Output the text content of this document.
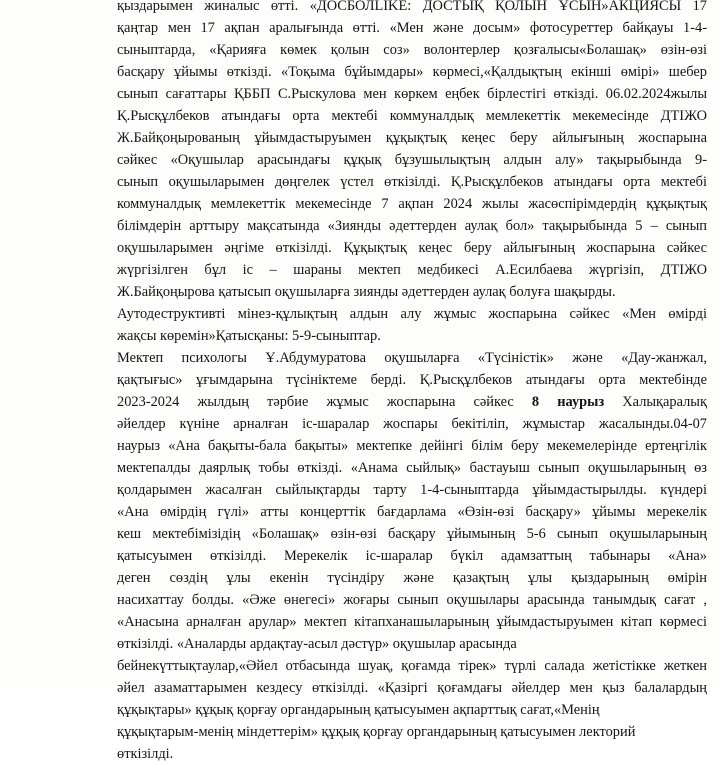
қыздарымен жиналыс өтті. «ДОСБОЛLIKE: ДОСТЫҚ ҚОЛЫН ҰСЫН»АКЦИЯСЫ 17
қаңтар мен 17 ақпан аралығында өтті. «Мен және досым» фотосуреттер байқауы 1-4-
сыныптарда, «Қарияға көмек қолын соз» волонтерлер қозғалысы«Болашақ» өзін-өзі
басқару ұйымы өткізді. «Тоқыма бұйымдары» көрмесі,«Қалдықтың екінші өмірі» шебер
сынып сағаттары ҚББП С.Рыскулова мен көркем еңбек бірлестігі өткізді. 06.02.2024жылы
Қ.Рысқұлбеков атындағы орта мектебі коммуналдық мемлекеттік мекемесінде ДТІЖО
Ж.Байқоңырованың ұйымдастыруымен құқықтық кеңес беру айлығының жоспарына
сәйкес «Оқушылар арасындағы құқық бұзушылықтың алдын алу» тақырыбында 9-
сынып оқушыларымен дөңгелек үстел өткізілді. Қ.Рысқұлбеков атындағы орта мектебі
коммуналдық мемлекеттік мекемесінде 7 ақпан 2024 жылы жасөспірімдердің құқықтық
білімдерін арттыру мақсатында «Зиянды әдеттерден аулақ бол» тақырыбында 5 – сынып
оқушыларымен әңгіме өткізілді. Құқықтық кеңес беру айлығының жоспарына сәйкес
жүргізілген бұл іс – шараны мектеп медбикесі А.Есилбаева жүргізіп, ДТІЖО
Ж.Байқоңырова қатысып оқушыларға зиянды әдеттерден аулақ болуға шақырды.
Аутодеструктивті мінез-құлықтың алдын алу жұмыс жоспарына сәйкес «Мен өмірді
жақсы көремін»Қатысқаны: 5-9-сыныптар.
Мектеп психологы Ұ.Абдумуратова оқушыларға «Түсіністік» және «Дау-жанжал,
қақтығыс» ұғымдарына түсініктеме берді. Қ.Рысқұлбеков атындағы орта мектебінде
2023-2024 жылдың тәрбие жұмыс жоспарына сәйкес 8 наурыз Халықаралық
әйелдер күніне арналған іс-шаралар жоспары бекітіліп, жұмыстар жасалынды.04-07
наурыз «Ана бақыты-бала бақыты» мектепке дейінгі білім беру мекемелерінде ертеңгілік
мектепалды даярлық тобы өткізді. «Анама сыйлық» бастауыш сынып оқушыларының өз
қолдарымен жасалған сыйлықтарды тарту 1-4-сыныптарда ұйымдастырылды. күндері
«Ана өмірдің гүлі» атты концерттік бағдарлама «Өзін-өзі басқару» ұйымы мерекелік
кеш мектебімізідің «Болашақ» өзін-өзі басқару ұйымының 5-6 сынып оқушыларының
қатысуымен өткізілді. Мерекелік іс-шаралар бүкіл адамзаттың табынары «Ана»
деген сөздің ұлы екенін түсіндіру және қазақтың ұлы қыздарының өмірін
насихаттау болды. «Әже өнегесі» жоғары сынып оқушылары арасында танымдық сағат ,
«Анасына арналған арулар» мектеп кітапханашыларының ұйымдастыруымен кітап көрмесі
өткізілді. «Аналарды ардақтау-асыл дәстүр» оқушылар арасында
бейнекүттықтаулар,«Әйел отбасында шуақ, қоғамда тірек» түрлі салада жетістікке жеткен
әйел азаматтарымен кездесу өткізілді. «Қазіргі қоғамдағы әйелдер мен қыз балалардың
құқықтары» құқық қорғау органдарының қатысуымен ақпарттық сағат,«Менің
құқықтарым-менің міндеттерім» құқық қорғау органдарының қатысуымен лекторий
өткізілді.
